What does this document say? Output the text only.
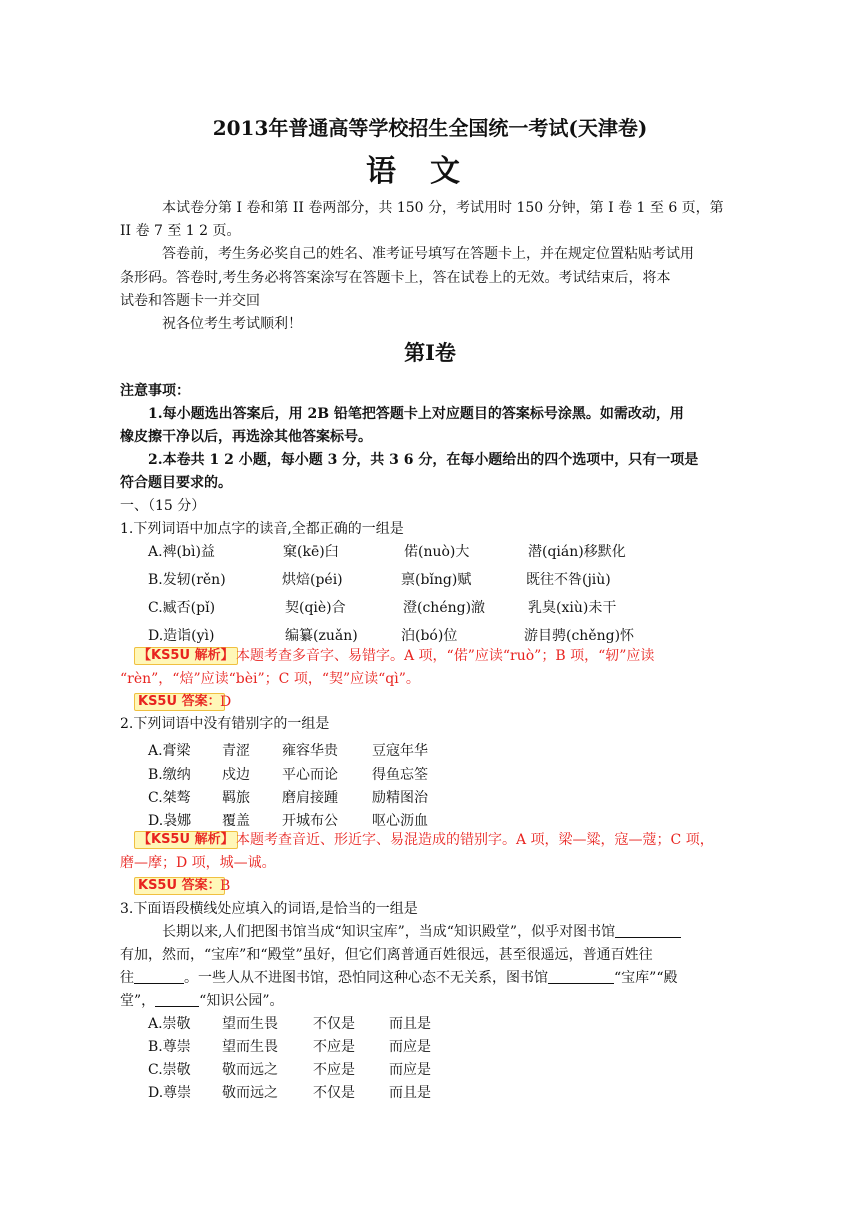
2013年普通高等学校招生全国统一考试(天津卷)
语文
本试卷分第 I 卷和第 II 卷两部分，共 150 分，考试用时 150 分钟，第 I 卷 1 至 6 页，第
II 卷 7 至 1 2 页。
答卷前，考生务必奖自己的姓名、准考证号填写在答题卡上，并在规定位置粘贴考试用
条形码。答卷时,考生务必将答案涂写在答题卡上，答在试卷上的无效。考试结束后，将本
试卷和答题卡一并交回
祝各位考生考试顺利！
第Ⅰ卷
注意事项：
1.每小题选出答案后，用 2B 铅笔把答题卡上对应题目的答案标号涂黑。如需改动，用
橡皮擦干净以后，再选涂其他答案标号。
2.本卷共 1 2 小题，每小题 3 分，共 3 6 分，在每小题给出的四个选项中，只有一项是
符合题目要求的。
一、（15 分）
1.下列词语中加点字的读音,全都正确的一组是
A.裨(bì)益	窠(kē)臼	偌(nuò)大	潜(qián)移默化
B.发轫(rěn)	烘焙(péi)	禀(bǐng)赋	既往不咎(jiù)
C.臧否(pǐ)	契(qiè)合	澄(chéng)澈	乳臭(xiù)未干
D.造诣(yì)	编纂(zuǎn)	泊(bó)位	游目骋(chěng)怀
【KS5U 解析】 本题考查多音字、易错字。A 项，“偌”应读“ruò”；B 项，“轫”应读
“rèn”，“焙”应读“bèi”；C 项，“契”应读“qì”。
KS5U 答案： D
2.下列词语中没有错别字的一组是
A.膏梁 青涩 雍容华贵 豆寇年华
B.缴纳 戍边 平心而论 得鱼忘筌
C.桀骜 羁旅 磨肩接踵 励精图治
D.袅娜 覆盖 开城布公 呕心沥血
【KS5U 解析】 本题考查音近、形近字、易混造成的错别字。A 项，梁—粱，寇—蔻；C 项，
磨—摩；D 项，城—诚。
KS5U 答案： B
3.下面语段横线处应填入的词语,是恰当的一组是
长期以来,人们把图书馆当成“知识宝库”，当成“知识殿堂”，似乎对图书馆
有加，然而，“宝库”和“殿堂”虽好，但它们离普通百姓很远，甚至很遥远，普通百姓往
往	。一些人从不进图书馆，恐怕同这种心态不无关系，图书馆	“宝库”“殿
堂”，	“知识公园”。
A.崇敬 望而生畏	不仅是 而且是
B.尊崇 望而生畏	不应是 而应是
C.崇敬 敬而远之	不应是 而应是
D.尊崇 敬而远之	不仅是 而且是
